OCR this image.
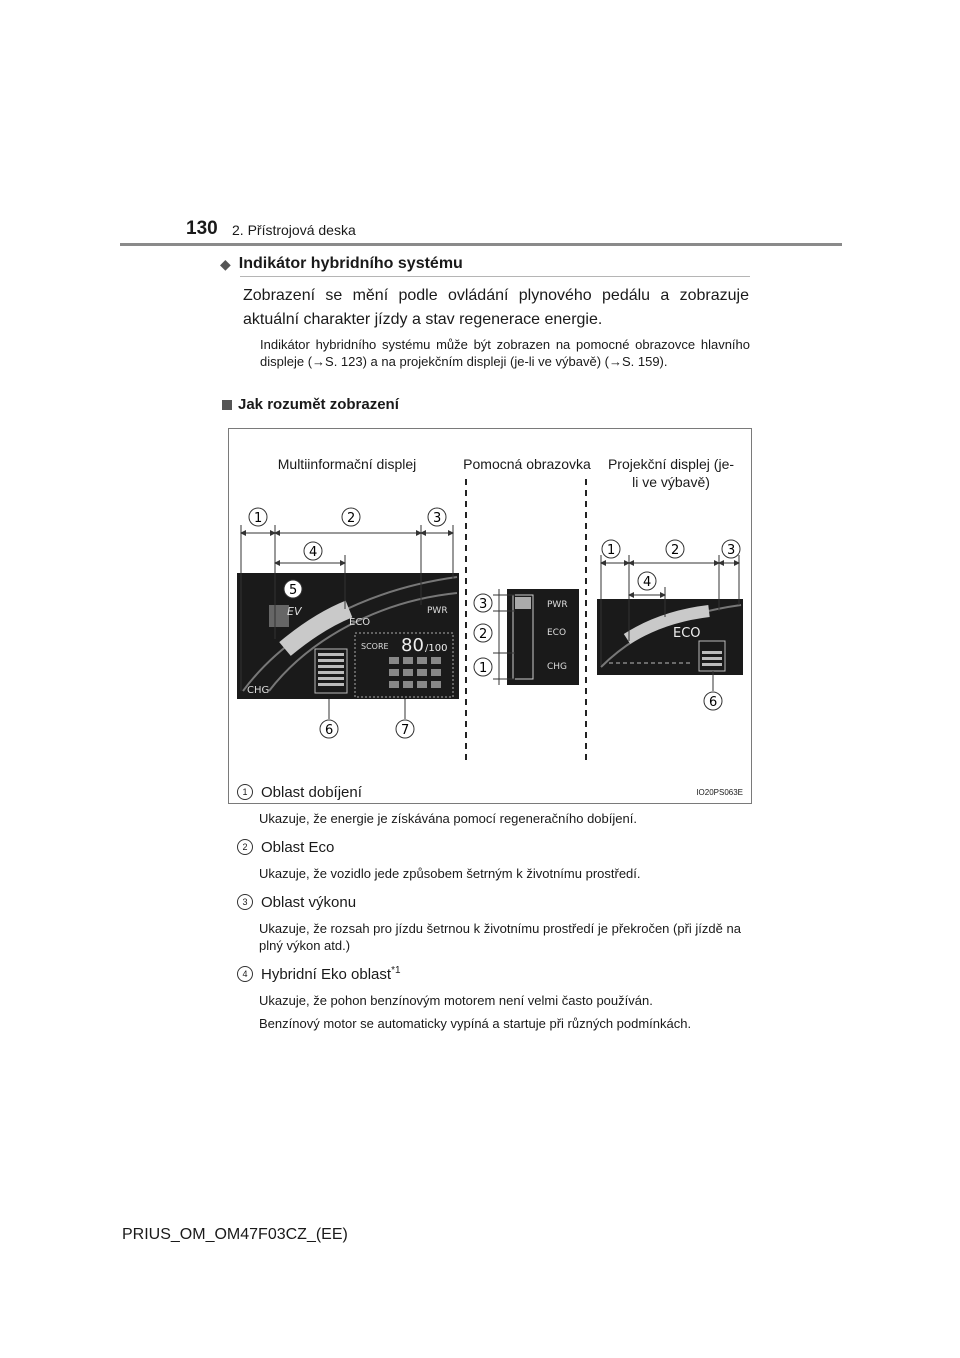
130 2. Přístrojová deska
◆ Indikátor hybridního systému
Zobrazení se mění podle ovládání plynového pedálu a zobrazuje aktuální charakter jízdy a stav regenerace energie.
Indikátor hybridního systému může být zobrazen na pomocné obrazovce hlavního displeje (→S. 123) a na projekčním displeji (je-li ve výbavě) (→S. 159).
Jak rozumět zobrazení
Multiinformační displej	Pomocná obrazovka	Projekční displej (je-li ve výbavě)
EV
ECO
PWR
CHG
SCORE 80 /100
1	2	3
4
5
6	7
PWR
ECO
CHG
3
2
1
ECO
1	2	3
4
6
IO20PS063E
1 Oblast dobíjení
Ukazuje, že energie je získávána pomocí regeneračního dobíjení.
2 Oblast Eco
Ukazuje, že vozidlo jede způsobem šetrným k životnímu prostředí.
3 Oblast výkonu
Ukazuje, že rozsah pro jízdu šetrnou k životnímu prostředí je překročen (při jízdě na plný výkon atd.)
4 Hybridní Eko oblast$^{*1}$
Ukazuje, že pohon benzínovým motorem není velmi často používán.
Benzínový motor se automaticky vypíná a startuje při různých podmínkách.
PRIUS_OM_OM47F03CZ_(EE)
